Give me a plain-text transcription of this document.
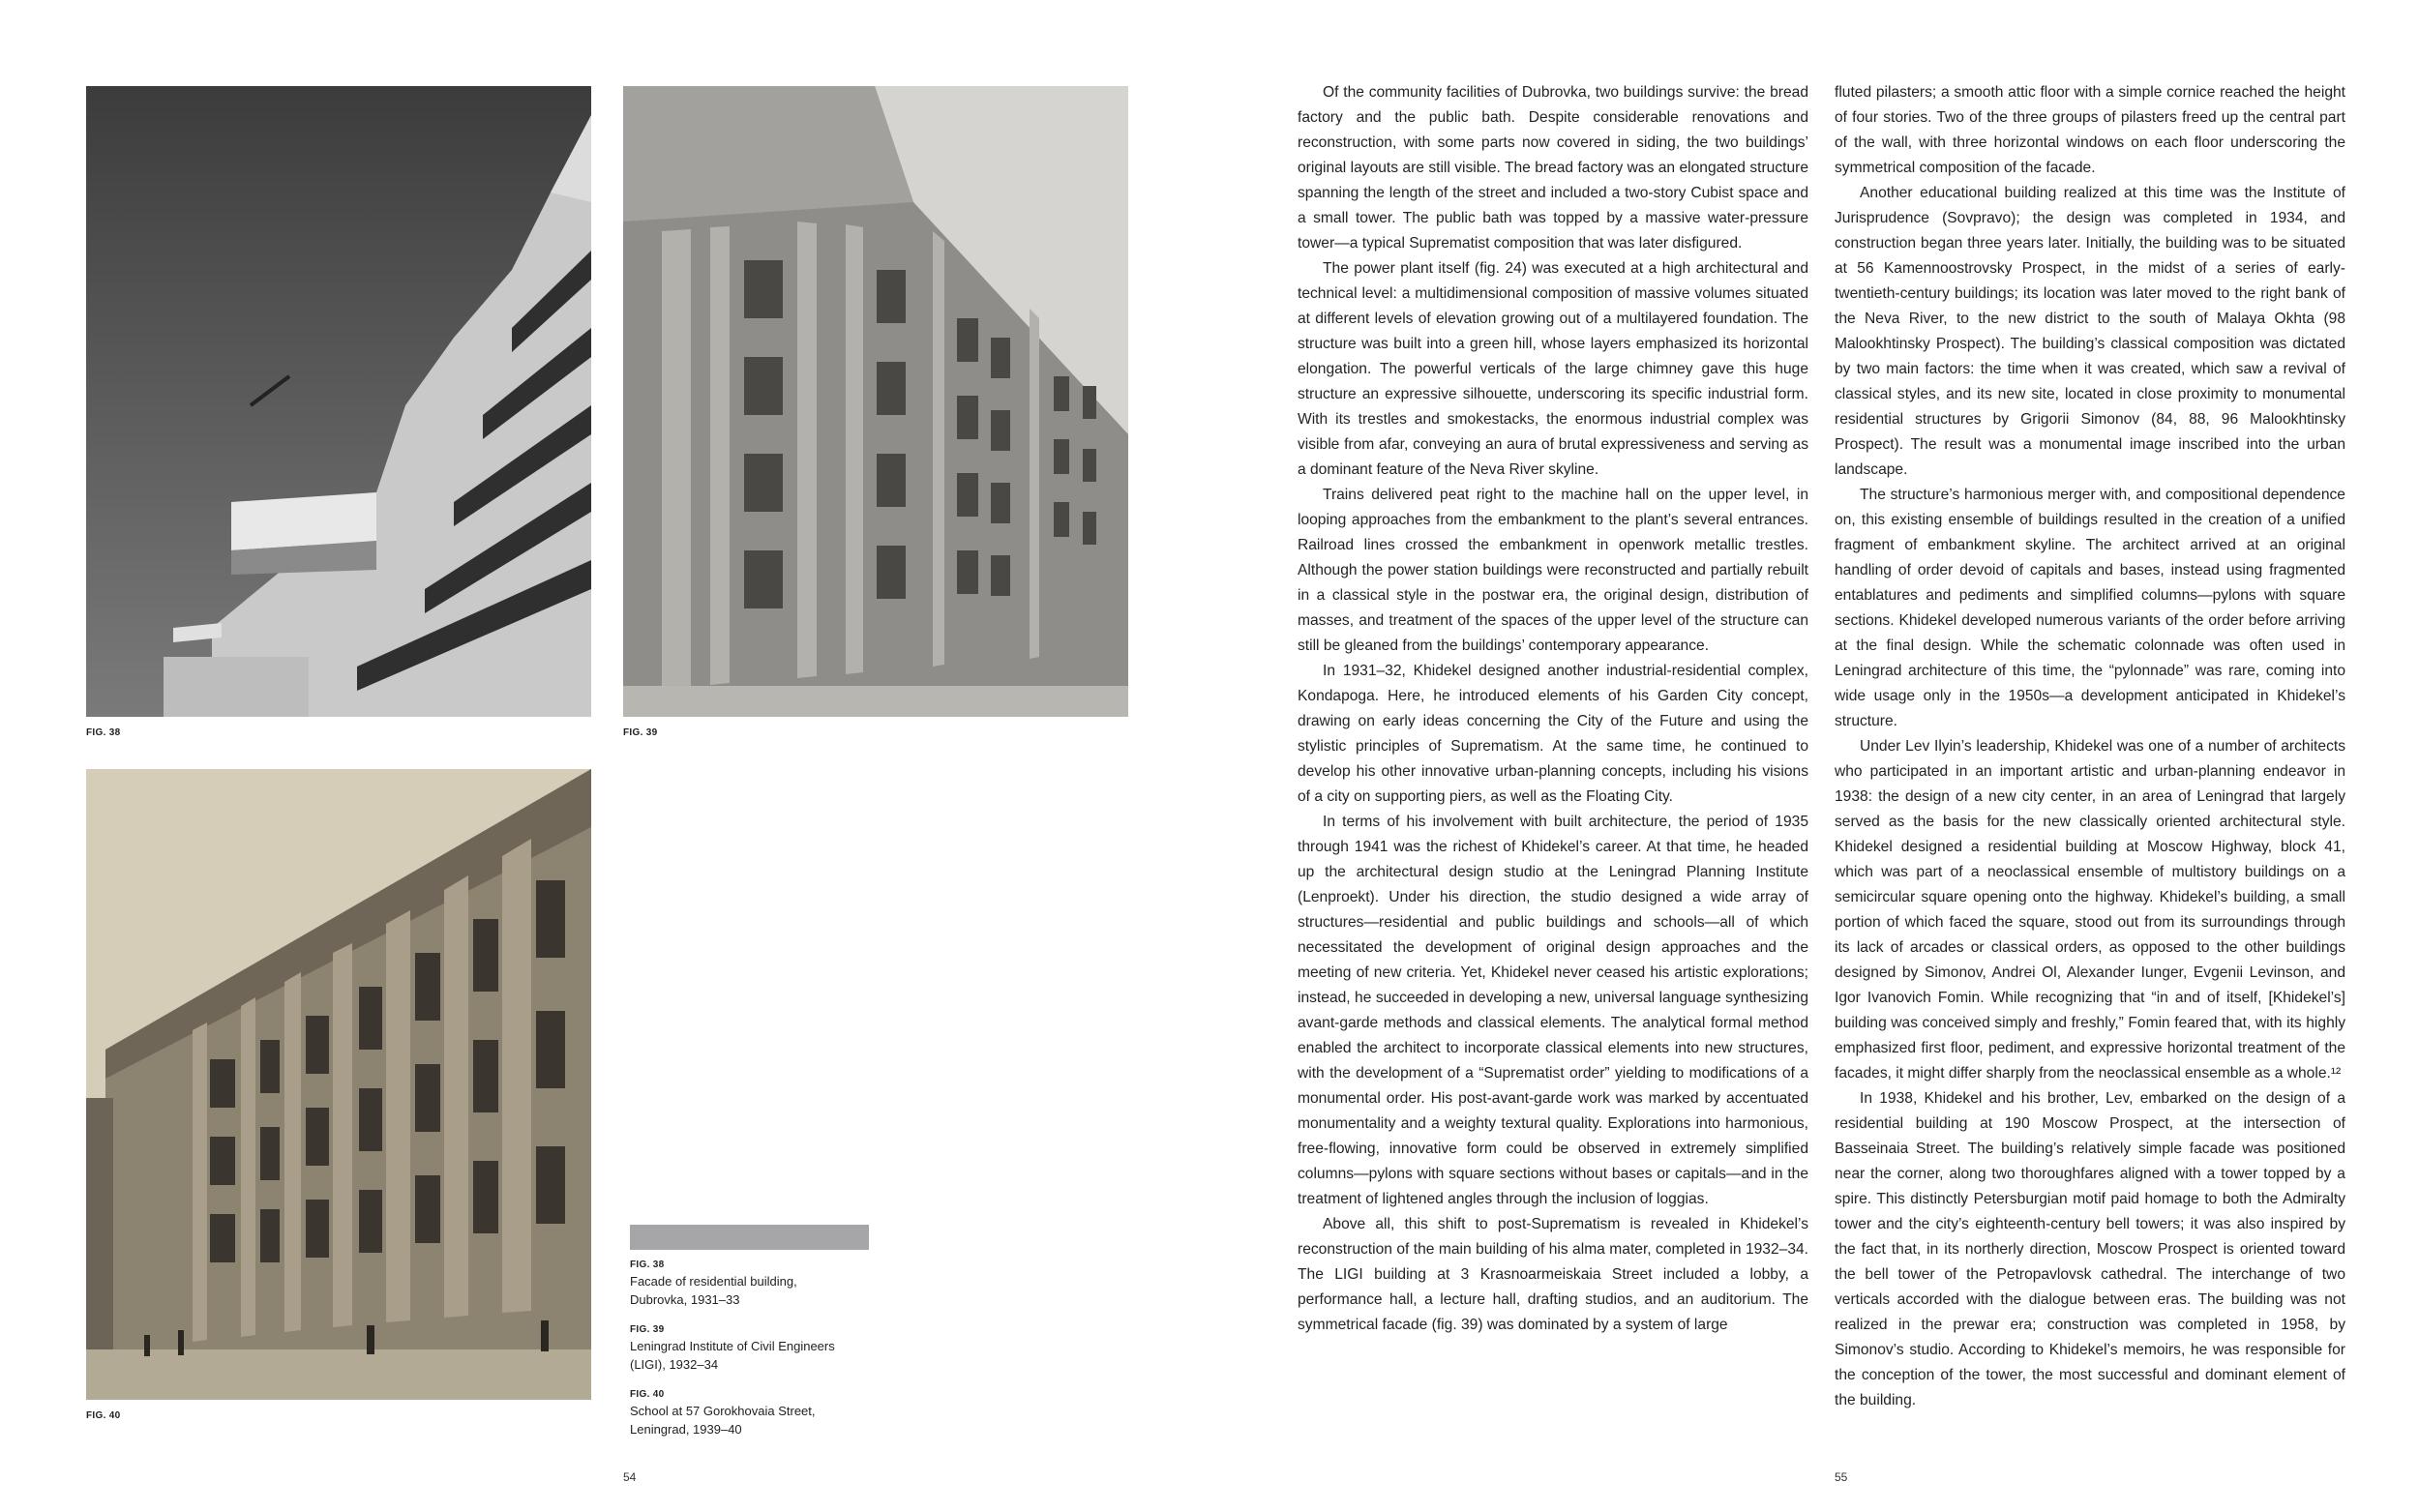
FIG. 38	FIG. 39
FIG. 40
FIG. 38
Facade of residential building,
Dubrovka, 1931–33
FIG. 39
Leningrad Institute of Civil Engineers
(LIGI), 1932–34
FIG. 40
School at 57 Gorokhovaia Street,
Leningrad, 1939–40

Of the community facilities of Dubrovka, two buildings survive: the bread factory and the public bath. Despite considerable renovations and reconstruction, with some parts now covered in siding, the two buildings’ original layouts are still visible. The bread factory was an elongated structure spanning the length of the street and included a two-story Cubist space and a small tower. The public bath was topped by a massive water-pressure tower—a typical Suprematist composition that was later disfigured.

The power plant itself (fig. 24) was executed at a high architectural and technical level: a multidimensional composition of massive volumes situated at different levels of elevation growing out of a multilayered foundation. The structure was built into a green hill, whose layers emphasized its horizontal elongation. The powerful verticals of the large chimney gave this huge structure an expressive silhouette, underscoring its specific industrial form. With its trestles and smokestacks, the enormous industrial complex was visible from afar, conveying an aura of brutal expressiveness and serving as a dominant feature of the Neva River skyline.

Trains delivered peat right to the machine hall on the upper level, in looping approaches from the embankment to the plant’s several entrances. Railroad lines crossed the embankment in openwork metallic trestles. Although the power station buildings were reconstructed and partially rebuilt in a classical style in the postwar era, the original design, distribution of masses, and treatment of the spaces of the upper level of the structure can still be gleaned from the buildings’ contemporary appearance.

In 1931–32, Khidekel designed another industrial-residential complex, Kondapoga. Here, he introduced elements of his Garden City concept, drawing on early ideas concerning the City of the Future and using the stylistic principles of Suprematism. At the same time, he continued to develop his other innovative urban-planning concepts, including his visions of a city on supporting piers, as well as the Floating City.

In terms of his involvement with built architecture, the period of 1935 through 1941 was the richest of Khidekel’s career. At that time, he headed up the architectural design studio at the Leningrad Planning Institute (Lenproekt). Under his direction, the studio designed a wide array of structures—residential and public buildings and schools—all of which necessitated the development of original design approaches and the meeting of new criteria. Yet, Khidekel never ceased his artistic explorations; instead, he succeeded in developing a new, universal language synthesizing avant-garde methods and classical elements. The analytical formal method enabled the architect to incorporate classical elements into new structures, with the development of a “Suprematist order” yielding to modifications of a monumental order. His post-avant-garde work was marked by accentuated monumentality and a weighty textural quality. Explorations into harmonious, free-flowing, innovative form could be observed in extremely simplified columns—pylons with square sections without bases or capitals—and in the treatment of lightened angles through the inclusion of loggias.

Above all, this shift to post-Suprematism is revealed in Khidekel’s reconstruction of the main building of his alma mater, completed in 1932–34. The LIGI building at 3 Krasnoarmeiskaia Street included a lobby, a performance hall, a lecture hall, drafting studios, and an auditorium. The symmetrical facade (fig. 39) was dominated by a system of large

fluted pilasters; a smooth attic floor with a simple cornice reached the height of four stories. Two of the three groups of pilasters freed up the central part of the wall, with three horizontal windows on each floor underscoring the symmetrical composition of the facade.

Another educational building realized at this time was the Institute of Jurisprudence (Sovpravo); the design was completed in 1934, and construction began three years later. Initially, the building was to be situated at 56 Kamennoostrovsky Prospect, in the midst of a series of early-twentieth-century buildings; its location was later moved to the right bank of the Neva River, to the new district to the south of Malaya Okhta (98 Malookhtinsky Prospect). The building’s classical composition was dictated by two main factors: the time when it was created, which saw a revival of classical styles, and its new site, located in close proximity to monumental residential structures by Grigorii Simonov (84, 88, 96 Malookhtinsky Prospect). The result was a monumental image inscribed into the urban landscape.

The structure’s harmonious merger with, and compositional dependence on, this existing ensemble of buildings resulted in the creation of a unified fragment of embankment skyline. The architect arrived at an original handling of order devoid of capitals and bases, instead using fragmented entablatures and pediments and simplified columns—pylons with square sections. Khidekel developed numerous variants of the order before arriving at the final design. While the schematic colonnade was often used in Leningrad architecture of this time, the “pylonnade” was rare, coming into wide usage only in the 1950s—a development anticipated in Khidekel’s structure.

Under Lev Ilyin’s leadership, Khidekel was one of a number of architects who participated in an important artistic and urban-planning endeavor in 1938: the design of a new city center, in an area of Leningrad that largely served as the basis for the new classically oriented architectural style. Khidekel designed a residential building at Moscow Highway, block 41, which was part of a neoclassical ensemble of multistory buildings on a semicircular square opening onto the highway. Khidekel’s building, a small portion of which faced the square, stood out from its surroundings through its lack of arcades or classical orders, as opposed to the other buildings designed by Simonov, Andrei Ol, Alexander Iunger, Evgenii Levinson, and Igor Ivanovich Fomin. While recognizing that “in and of itself, [Khidekel’s] building was conceived simply and freshly,” Fomin feared that, with its highly emphasized first floor, pediment, and expressive horizontal treatment of the facades, it might differ sharply from the neoclassical ensemble as a whole.¹²

In 1938, Khidekel and his brother, Lev, embarked on the design of a residential building at 190 Moscow Prospect, at the intersection of Basseinaia Street. The building’s relatively simple facade was positioned near the corner, along two thoroughfares aligned with a tower topped by a spire. This distinctly Petersburgian motif paid homage to both the Admiralty tower and the city’s eighteenth-century bell towers; it was also inspired by the fact that, in its northerly direction, Moscow Prospect is oriented toward the bell tower of the Petropavlovsk cathedral. The interchange of two verticals accorded with the dialogue between eras. The building was not realized in the prewar era; construction was completed in 1958, by Simonov’s studio. According to Khidekel’s memoirs, he was responsible for the conception of the tower, the most successful and dominant element of the building.

54	55
